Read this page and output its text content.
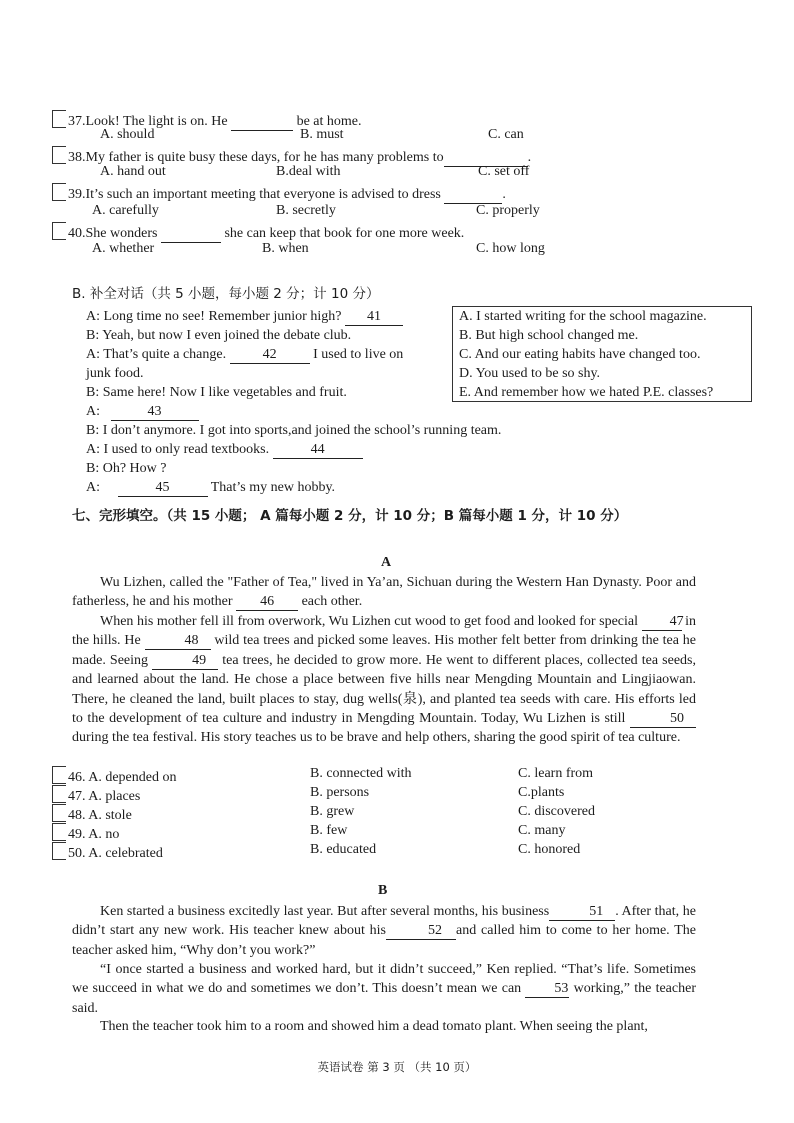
37.Look! The light is on. He	be at home.
A. should	B. must	C. can
38.My father is quite busy these days, for he has many problems to	.
A. hand out	B.deal with	C. set off
39.It’s such an important meeting that everyone is advised to dress	.
A. carefully	B. secretly	C. properly
40.She wonders	she can keep that book for one more week.
A. whether	B. when	C. how long
B. 补全对话（共 5 小题，每小题 2 分；计 10 分）
A: Long time no see! Remember junior high? 41
B: Yeah, but now I even joined the debate club.
A: That’s quite a change. 42 I used to live on
junk food.
B: Same here! Now I like vegetables and fruit.
A:	43
B: I don’t anymore. I got into sports,and joined the school’s running team.
A: I used to only read textbooks.	44
B: Oh? How ?
A:	45	That’s my new hobby.
A. I started writing for the school magazine.
B. But high school changed me.
C. And our eating habits have changed too.
D. You used to be so shy.
E. And remember how we hated P.E. classes?
七、完形填空。（共 15 小题； A 篇每小题 2 分，计 10 分；B 篇每小题 1 分，计 10 分）
A
Wu Lizhen, called the "Father of Tea," lived in Ya’an, Sichuan during the Western Han Dynasty. Poor and fatherless, he and his mother 46 each other.
When his mother fell ill from overwork, Wu Lizhen cut wood to get food and looked for special 47 in the hills. He	48 wild tea trees and picked some leaves. His mother felt better from drinking the tea he made. Seeing	49 tea trees, he decided to grow more. He went to different places, collected tea seeds, and learned about the land. He chose a place between five hills near Mengding Mountain and Lingjiaowan. There, he cleaned the land, built places to stay, dug wells(泉), and planted tea seeds with care. His efforts led to the development of tea culture and industry in Mengding Mountain. Today, Wu Lizhen is still	50 during the tea festival. His story teaches us to be brave and help others, sharing the good spirit of tea culture.
46. A. depended on	B. connected with	C. learn from
47. A. places	B. persons	C.plants
48. A. stole	B. grew	C. discovered
49. A. no	B. few	C. many
50. A. celebrated	B. educated	C. honored
B
Ken started a business excitedly last year. But after several months, his business	51 . After that, he didn’t start any new work. His teacher knew about his	52 and called him to come to her home. The teacher asked him, “Why don’t you work?”
“I once started a business and worked hard, but it didn’t succeed,” Ken replied. “That’s life. Sometimes we succeed in what we do and sometimes we don’t. This doesn’t mean we can 53 working,” the teacher said.
Then the teacher took him to a room and showed him a dead tomato plant. When seeing the plant,
英语试卷 第 3 页 （共 10 页）
